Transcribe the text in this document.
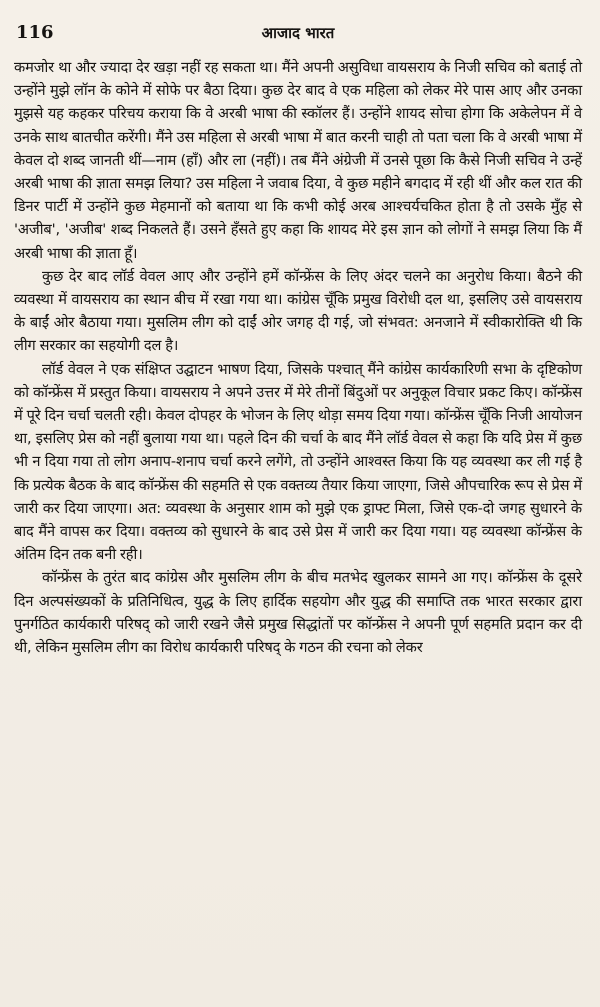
116	आजाद भारत

कमजोर था और ज्यादा देर खड़ा नहीं रह सकता था। मैंने अपनी असुविधा वायसराय के निजी सचिव को बताई तो उन्होंने मुझे लॉन के कोने में सोफे पर बैठा दिया। कुछ देर बाद वे एक महिला को लेकर मेरे पास आए और उनका मुझसे यह कहकर परिचय कराया कि वे अरबी भाषा की स्कॉलर हैं। उन्होंने शायद सोचा होगा कि अकेलेपन में वे उनके साथ बातचीत करेंगी। मैंने उस महिला से अरबी भाषा में बात करनी चाही तो पता चला कि वे अरबी भाषा में केवल दो शब्द जानती थीं—नाम (हाँ) और ला (नहीं)। तब मैंने अंग्रेजी में उनसे पूछा कि कैसे निजी सचिव ने उन्हें अरबी भाषा की ज्ञाता समझ लिया? उस महिला ने जवाब दिया, वे कुछ महीने बगदाद में रही थीं और कल रात की डिनर पार्टी में उन्होंने कुछ मेहमानों को बताया था कि कभी कोई अरब आश्चर्यचकित होता है तो उसके मुँह से 'अजीब', 'अजीब' शब्द निकलते हैं। उसने हँसते हुए कहा कि शायद मेरे इस ज्ञान को लोगों ने समझ लिया कि मैं अरबी भाषा की ज्ञाता हूँ।

कुछ देर बाद लॉर्ड वेवल आए और उन्होंने हमें कॉन्फ्रेंस के लिए अंदर चलने का अनुरोध किया। बैठने की व्यवस्था में वायसराय का स्थान बीच में रखा गया था। कांग्रेस चूँकि प्रमुख विरोधी दल था, इसलिए उसे वायसराय के बाईं ओर बैठाया गया। मुसलिम लीग को दाईं ओर जगह दी गई, जो संभवत: अनजाने में स्वीकारोक्ति थी कि लीग सरकार का सहयोगी दल है।

लॉर्ड वेवल ने एक संक्षिप्त उद्घाटन भाषण दिया, जिसके पश्चात् मैंने कांग्रेस कार्यकारिणी सभा के दृष्टिकोण को कॉन्फ्रेंस में प्रस्तुत किया। वायसराय ने अपने उत्तर में मेरे तीनों बिंदुओं पर अनुकूल विचार प्रकट किए। कॉन्फ्रेंस में पूरे दिन चर्चा चलती रही। केवल दोपहर के भोजन के लिए थोड़ा समय दिया गया। कॉन्फ्रेंस चूँकि निजी आयोजन था, इसलिए प्रेस को नहीं बुलाया गया था। पहले दिन की चर्चा के बाद मैंने लॉर्ड वेवल से कहा कि यदि प्रेस में कुछ भी न दिया गया तो लोग अनाप-शनाप चर्चा करने लगेंगे, तो उन्होंने आश्वस्त किया कि यह व्यवस्था कर ली गई है कि प्रत्येक बैठक के बाद कॉन्फ्रेंस की सहमति से एक वक्तव्य तैयार किया जाएगा, जिसे औपचारिक रूप से प्रेस में जारी कर दिया जाएगा। अत: व्यवस्था के अनुसार शाम को मुझे एक ड्राफ्ट मिला, जिसे एक-दो जगह सुधारने के बाद मैंने वापस कर दिया। वक्तव्य को सुधारने के बाद उसे प्रेस में जारी कर दिया गया। यह व्यवस्था कॉन्फ्रेंस के अंतिम दिन तक बनी रही।

कॉन्फ्रेंस के तुरंत बाद कांग्रेस और मुसलिम लीग के बीच मतभेद खुलकर सामने आ गए। कॉन्फ्रेंस के दूसरे दिन अल्पसंख्यकों के प्रतिनिधित्व, युद्ध के लिए हार्दिक सहयोग और युद्ध की समाप्ति तक भारत सरकार द्वारा पुनर्गठित कार्यकारी परिषद् को जारी रखने जैसे प्रमुख सिद्धांतों पर कॉन्फ्रेंस ने अपनी पूर्ण सहमति प्रदान कर दी थी, लेकिन मुसलिम लीग का विरोध कार्यकारी परिषद् के गठन की रचना को लेकर
